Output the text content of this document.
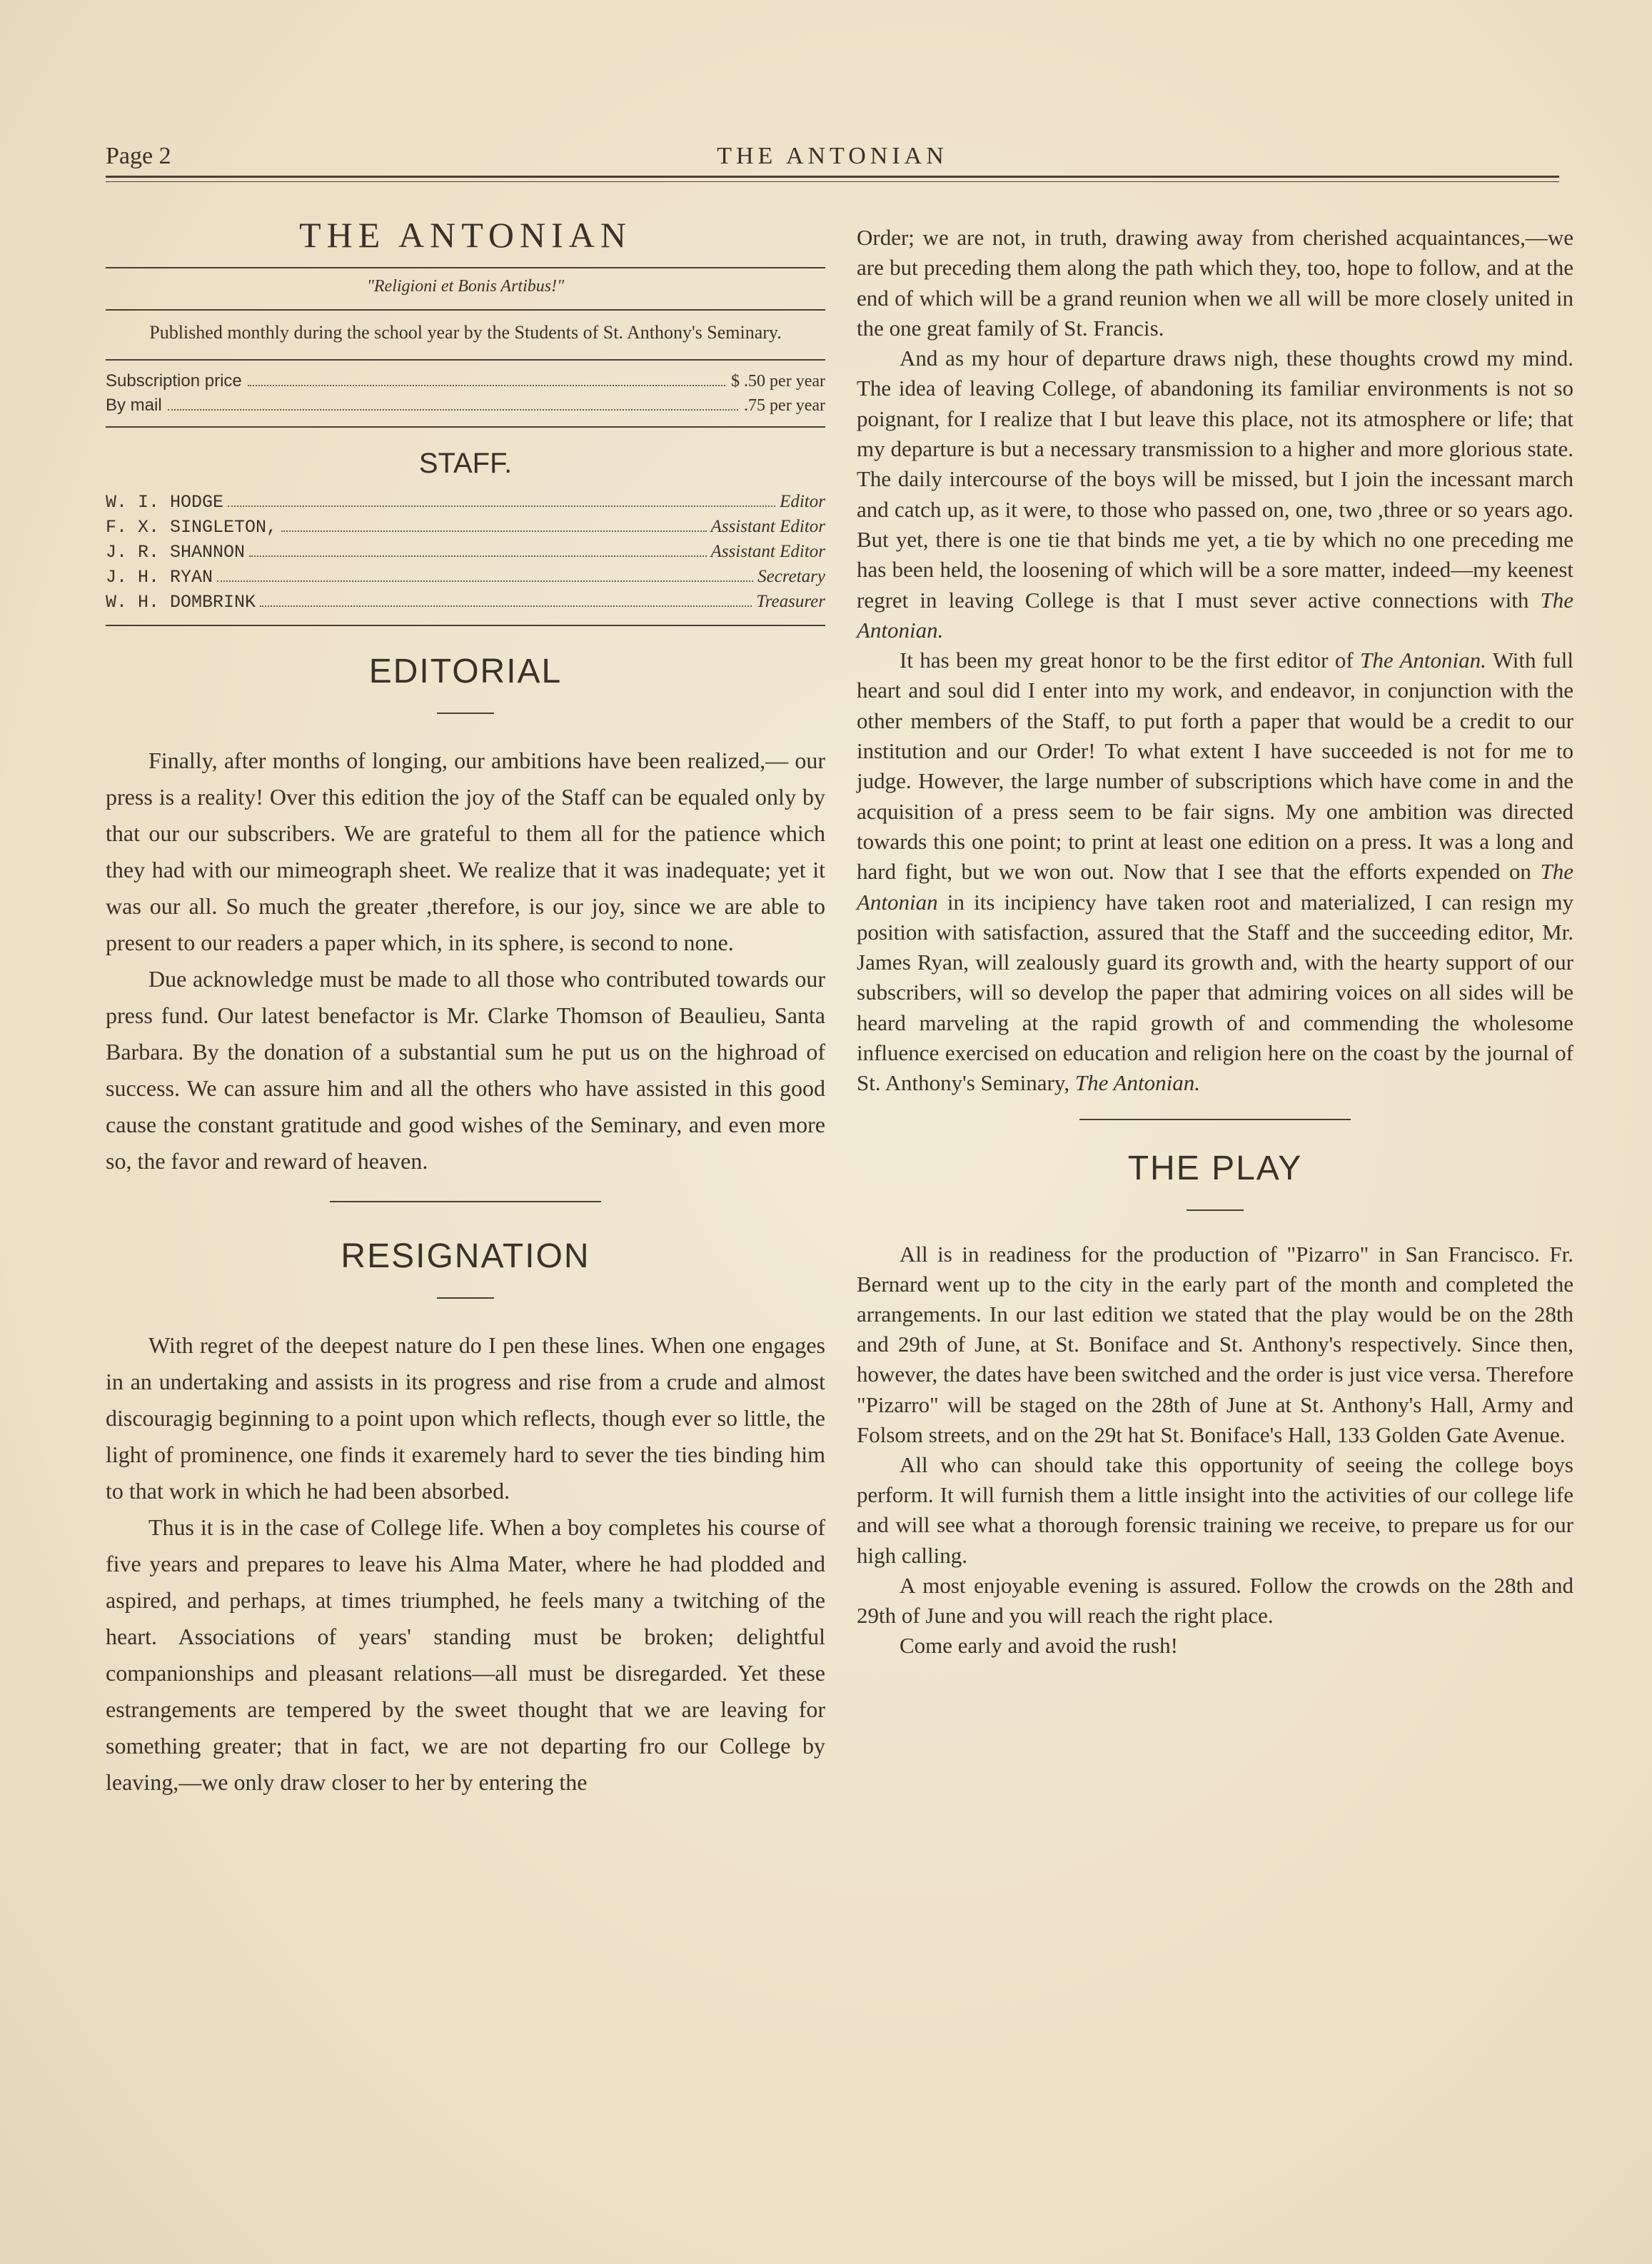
Page 2	THE ANTONIAN
THE ANTONIAN
"Religioni et Bonis Artibus!"
Published monthly during the school year by the Students of St. Anthony's Seminary.
Subscription price	$ .50 per year
By mail	.75 per year
STAFF.
W. I. HODGE	Editor
F. X. SINGLETON,	Assistant Editor
J. R. SHANNON	Assistant Editor
J. H. RYAN	Secretary
W. H. DOMBRINK	Treasurer
EDITORIAL

Finally, after months of longing, our ambitions have been realized,— our press is a reality! Over this edition the joy of the Staff can be equaled only by that our our subscribers. We are grateful to them all for the patience which they had with our mimeograph sheet. We realize that it was inadequate; yet it was our all. So much the greater ,therefore, is our joy, since we are able to present to our readers a paper which, in its sphere, is second to none.

Due acknowledge must be made to all those who contributed towards our press fund. Our latest benefactor is Mr. Clarke Thomson of Beaulieu, Santa Barbara. By the donation of a substantial sum he put us on the highroad of success. We can assure him and all the others who have assisted in this good cause the constant gratitude and good wishes of the Seminary, and even more so, the favor and reward of heaven.

RESIGNATION

With regret of the deepest nature do I pen these lines. When one engages in an undertaking and assists in its progress and rise from a crude and almost discouragig beginning to a point upon which reflects, though ever so little, the light of prominence, one finds it exaremely hard to sever the ties binding him to that work in which he had been absorbed.

Thus it is in the case of College life. When a boy completes his course of five years and prepares to leave his Alma Mater, where he had plodded and aspired, and perhaps, at times triumphed, he feels many a twitching of the heart. Associations of years' standing must be broken; delightful companionships and pleasant relations—all must be disregarded. Yet these estrangements are tempered by the sweet thought that we are leaving for something greater; that in fact, we are not departing fro our College by leaving,—we only draw closer to her by entering the

Order; we are not, in truth, drawing away from cherished acquaintances,—we are but preceding them along the path which they, too, hope to follow, and at the end of which will be a grand reunion when we all will be more closely united in the one great family of St. Francis.

And as my hour of departure draws nigh, these thoughts crowd my mind. The idea of leaving College, of abandoning its familiar environments is not so poignant, for I realize that I but leave this place, not its atmosphere or life; that my departure is but a necessary transmission to a higher and more glorious state. The daily intercourse of the boys will be missed, but I join the incessant march and catch up, as it were, to those who passed on, one, two ,three or so years ago. But yet, there is one tie that binds me yet, a tie by which no one preceding me has been held, the loosening of which will be a sore matter, indeed—my keenest regret in leaving College is that I must sever active connections with The Antonian.

It has been my great honor to be the first editor of The Antonian. With full heart and soul did I enter into my work, and endeavor, in conjunction with the other members of the Staff, to put forth a paper that would be a credit to our institution and our Order! To what extent I have succeeded is not for me to judge. However, the large number of subscriptions which have come in and the acquisition of a press seem to be fair signs. My one ambition was directed towards this one point; to print at least one edition on a press. It was a long and hard fight, but we won out. Now that I see that the efforts expended on The Antonian in its incipiency have taken root and materialized, I can resign my position with satisfaction, assured that the Staff and the succeeding editor, Mr. James Ryan, will zealously guard its growth and, with the hearty support of our subscribers, will so develop the paper that admiring voices on all sides will be heard marveling at the rapid growth of and commending the wholesome influence exercised on education and religion here on the coast by the journal of St. Anthony's Seminary, The Antonian.

THE PLAY

All is in readiness for the production of "Pizarro" in San Francisco. Fr. Bernard went up to the city in the early part of the month and completed the arrangements. In our last edition we stated that the play would be on the 28th and 29th of June, at St. Boniface and St. Anthony's respectively. Since then, however, the dates have been switched and the order is just vice versa. Therefore "Pizarro" will be staged on the 28th of June at St. Anthony's Hall, Army and Folsom streets, and on the 29t hat St. Boniface's Hall, 133 Golden Gate Avenue.

All who can should take this opportunity of seeing the college boys perform. It will furnish them a little insight into the activities of our college life and will see what a thorough forensic training we receive, to prepare us for our high calling.

A most enjoyable evening is assured. Follow the crowds on the 28th and 29th of June and you will reach the right place.

Come early and avoid the rush!
